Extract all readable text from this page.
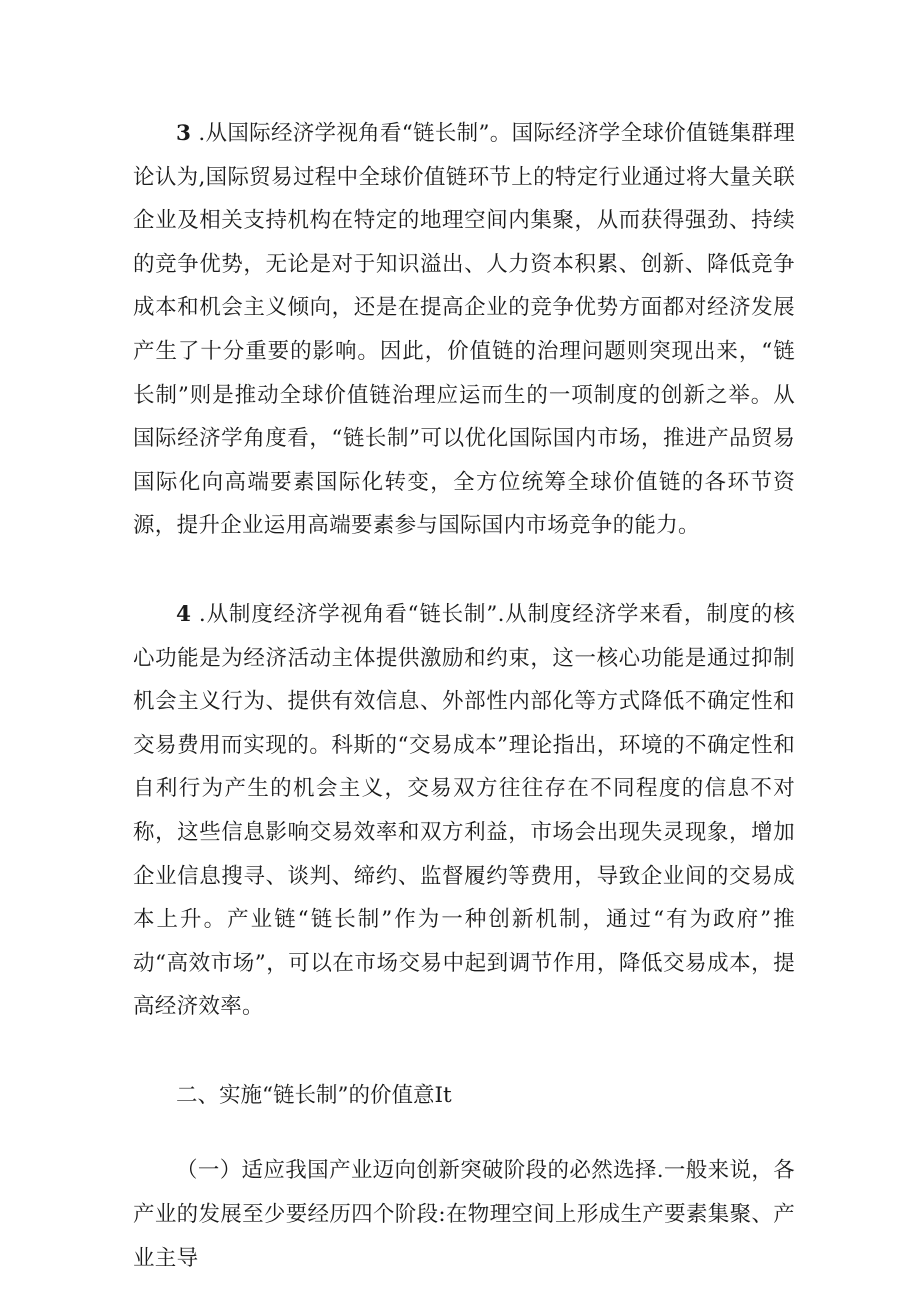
3 .从国际经济学视角看“链长制”。国际经济学全球价值链集群理论认为,国际贸易过程中全球价值链环节上的特定行业通过将大量关联企业及相关支持机构在特定的地理空间内集聚，从而获得强劲、持续的竞争优势，无论是对于知识溢出、人力资本积累、创新、降低竞争成本和机会主义倾向，还是在提高企业的竞争优势方面都对经济发展产生了十分重要的影响。因此，价值链的治理问题则突现出来，“链长制”则是推动全球价值链治理应运而生的一项制度的创新之举。从国际经济学角度看，“链长制”可以优化国际国内市场，推进产品贸易国际化向高端要素国际化转变，全方位统筹全球价值链的各环节资源，提升企业运用高端要素参与国际国内市场竞争的能力。

4 .从制度经济学视角看“链长制”.从制度经济学来看，制度的核心功能是为经济活动主体提供激励和约束，这一核心功能是通过抑制机会主义行为、提供有效信息、外部性内部化等方式降低不确定性和交易费用而实现的。科斯的“交易成本”理论指出，环境的不确定性和自利行为产生的机会主义，交易双方往往存在不同程度的信息不对称，这些信息影响交易效率和双方利益，市场会出现失灵现象，增加企业信息搜寻、谈判、缔约、监督履约等费用，导致企业间的交易成本上升。产业链“链长制”作为一种创新机制，通过“有为政府”推动“高效市场”，可以在市场交易中起到调节作用，降低交易成本，提高经济效率。

二、实施“链长制”的价值意It

（一）适应我国产业迈向创新突破阶段的必然选择.一般来说，各产业的发展至少要经历四个阶段:在物理空间上形成生产要素集聚、产业主导
